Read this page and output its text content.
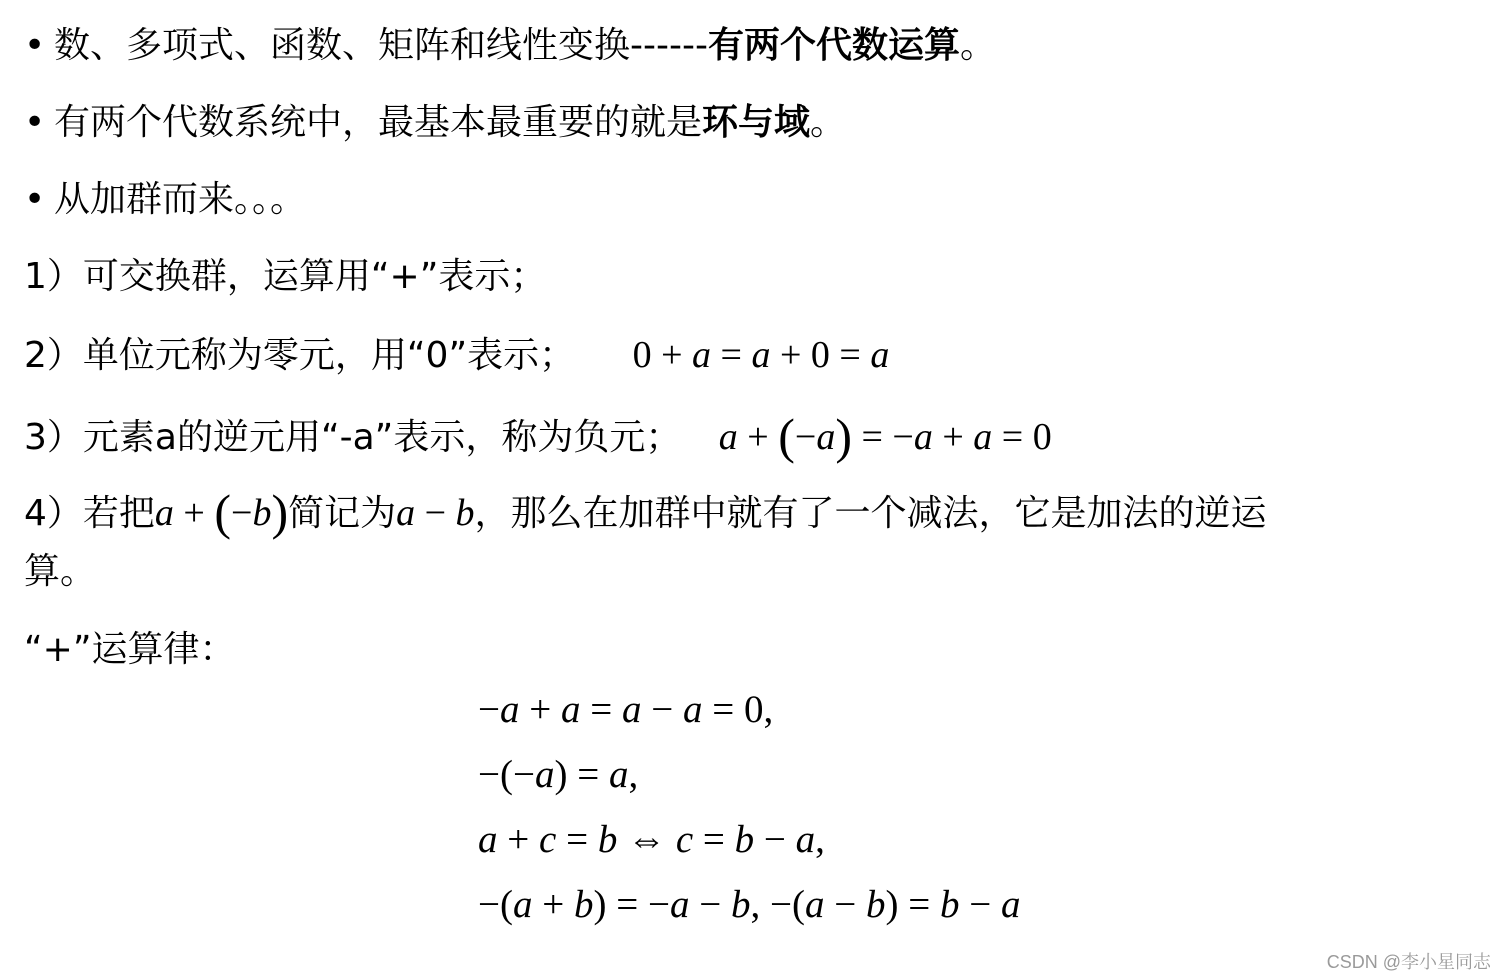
• 数、多项式、函数、矩阵和线性变换------有两个代数运算。
• 有两个代数系统中，最基本最重要的就是环与域。
• 从加群而来。。。
1）可交换群，运算用“+”表示；
2）单位元称为零元，用“0”表示； 0 + a = a + 0 = a
3）元素a的逆元用“-a”表示，称为负元； a + (−a) = −a + a = 0
4）若把a + (−b)简记为a − b，那么在加群中就有了一个减法，它是加法的逆运
算。
“+”运算律：
−a + a = a − a = 0,
−(−a) = a,
a + c = b ⇔ c = b − a,
−(a + b) = −a − b, −(a − b) = b − a
CSDN @李小星同志
